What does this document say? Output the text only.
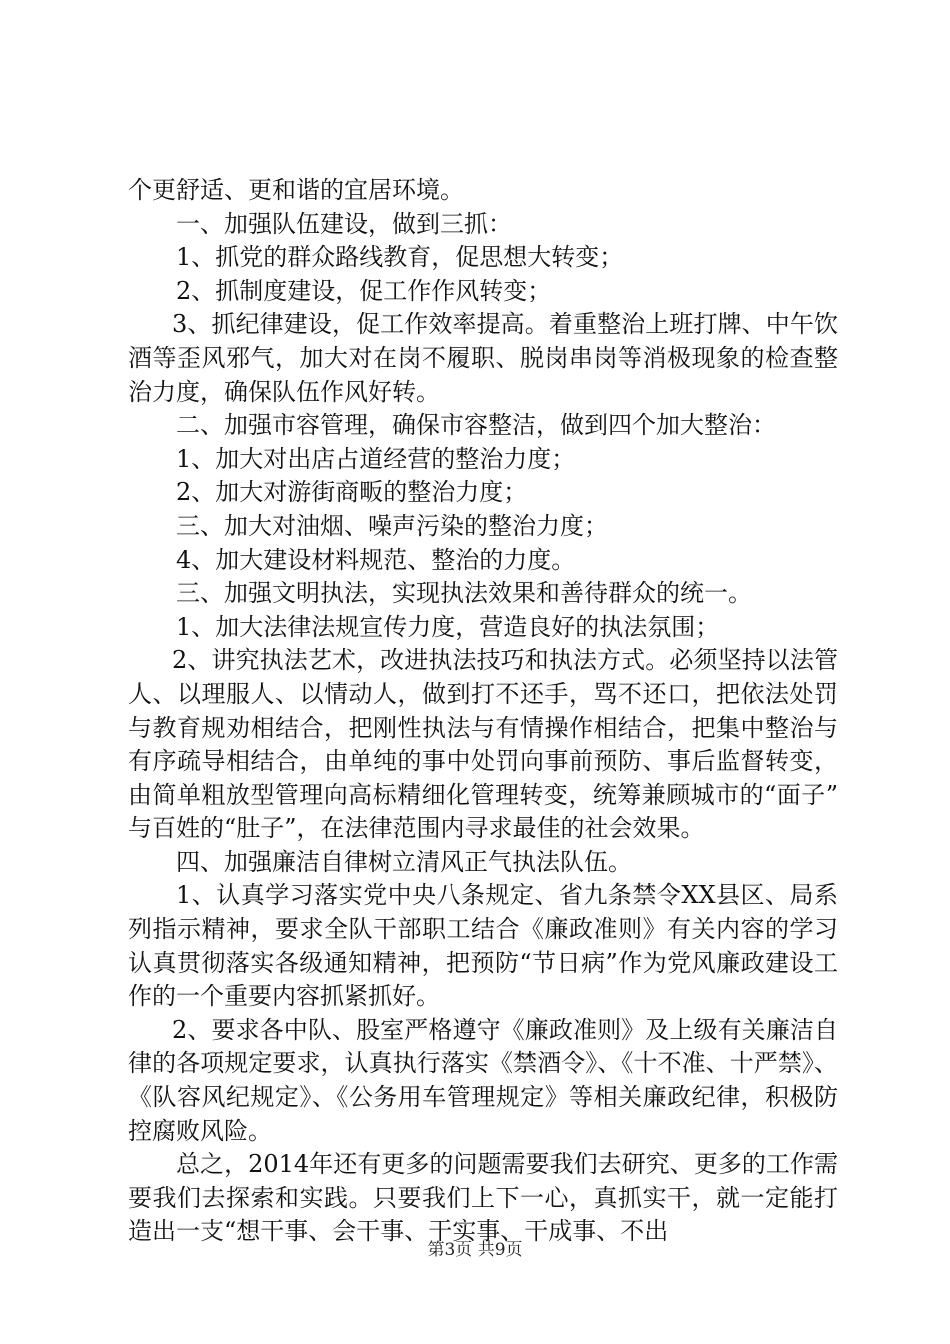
个更舒适、更和谐的宜居环境。

一、加强队伍建设，做到三抓：

1、抓党的群众路线教育，促思想大转变；

2、抓制度建设，促工作作风转变；

3、抓纪律建设，促工作效率提高。着重整治上班打牌、中午饮酒等歪风邪气，加大对在岗不履职、脱岗串岗等消极现象的检查整治力度，确保队伍作风好转。

二、加强市容管理，确保市容整洁，做到四个加大整治：

1、加大对出店占道经营的整治力度；

2、加大对游街商畈的整治力度；

三、加大对油烟、噪声污染的整治力度；

4、加大建设材料规范、整治的力度。

三、加强文明执法，实现执法效果和善待群众的统一。

1、加大法律法规宣传力度，营造良好的执法氛围；

2、讲究执法艺术，改进执法技巧和执法方式。必须坚持以法管人、以理服人、以情动人，做到打不还手，骂不还口，把依法处罚与教育规劝相结合，把刚性执法与有情操作相结合，把集中整治与有序疏导相结合，由单纯的事中处罚向事前预防、事后监督转变，由简单粗放型管理向高标精细化管理转变，统筹兼顾城市的“面子”与百姓的“肚子”，在法律范围内寻求最佳的社会效果。

四、加强廉洁自律树立清风正气执法队伍。

1、认真学习落实党中央八条规定、省九条禁令XX县区、局系列指示精神，要求全队干部职工结合《廉政准则》有关内容的学习认真贯彻落实各级通知精神，把预防“节日病”作为党风廉政建设工作的一个重要内容抓紧抓好。

2、要求各中队、股室严格遵守《廉政准则》及上级有关廉洁自律的各项规定要求，认真执行落实《禁酒令》、《十不准、十严禁》、《队容风纪规定》、《公务用车管理规定》等相关廉政纪律，积极防控腐败风险。

总之，2014年还有更多的问题需要我们去研究、更多的工作需要我们去探索和实践。只要我们上下一心，真抓实干，就一定能打造出一支“想干事、会干事、干实事、干成事、不出

第3页 共9页
